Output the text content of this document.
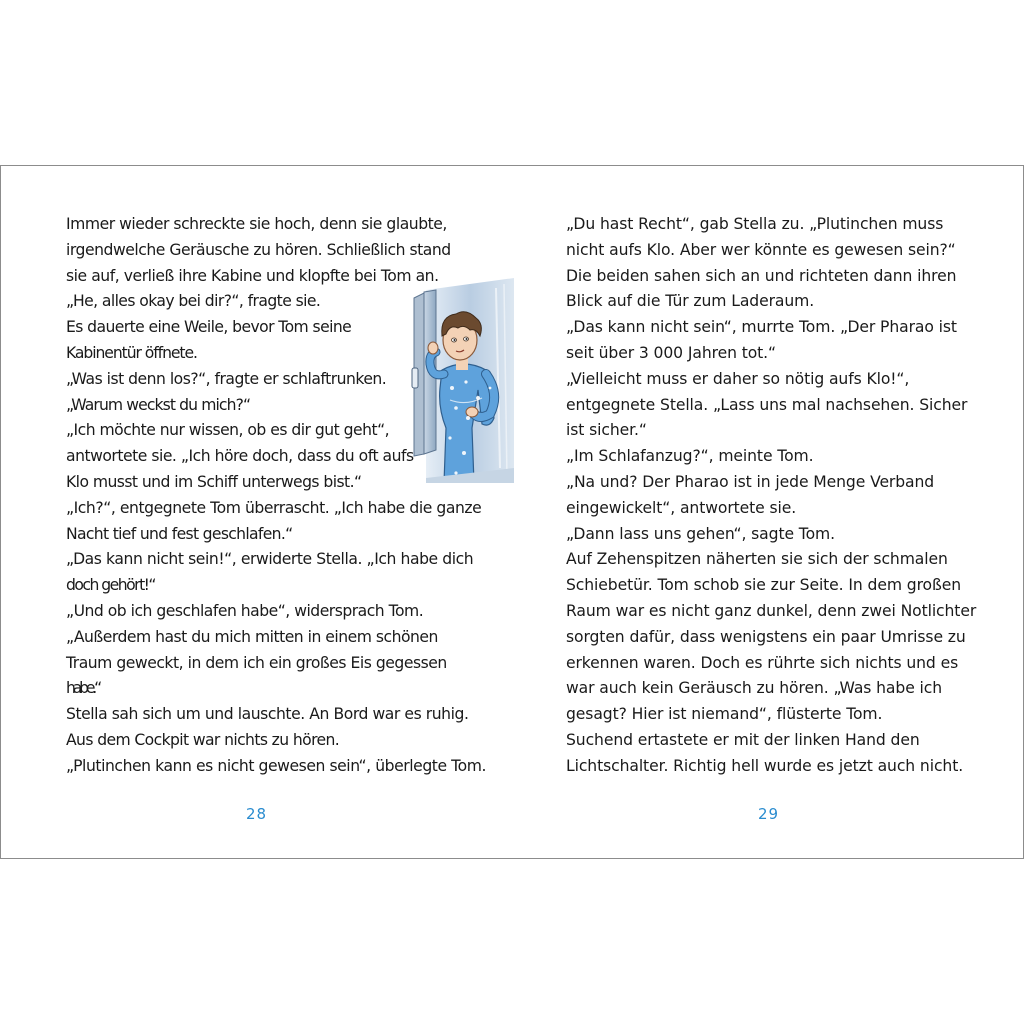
Immer wieder schreckte sie hoch, denn sie glaubte,
irgendwelche Geräusche zu hören. Schließlich stand
sie auf, verließ ihre Kabine und klopfte bei Tom an.
„He, alles okay bei dir?“, fragte sie.
Es dauerte eine Weile, bevor Tom seine
Kabinentür öffnete.
„Was ist denn los?“, fragte er schlaftrunken.
„Warum weckst du mich?“
„Ich möchte nur wissen, ob es dir gut geht“,
antwortete sie. „Ich höre doch, dass du oft aufs
Klo musst und im Schiff unterwegs bist.“
„Ich?“, entgegnete Tom überrascht. „Ich habe die ganze
Nacht tief und fest geschlafen.“
„Das kann nicht sein!“, erwiderte Stella. „Ich habe dich
doch gehört!“
„Und ob ich geschlafen habe“, widersprach Tom.
„Außerdem hast du mich mitten in einem schönen
Traum geweckt, in dem ich ein großes Eis gegessen
habe.“
Stella sah sich um und lauschte. An Bord war es ruhig.
Aus dem Cockpit war nichts zu hören.
„Plutinchen kann es nicht gewesen sein“, überlegte Tom.
28
„Du hast Recht“, gab Stella zu. „Plutinchen muss
nicht aufs Klo. Aber wer könnte es gewesen sein?“
Die beiden sahen sich an und richteten dann ihren
Blick auf die Tür zum Laderaum.
„Das kann nicht sein“, murrte Tom. „Der Pharao ist
seit über 3 000 Jahren tot.“
„Vielleicht muss er daher so nötig aufs Klo!“,
entgegnete Stella. „Lass uns mal nachsehen. Sicher
ist sicher.“
„Im Schlafanzug?“, meinte Tom.
„Na und? Der Pharao ist in jede Menge Verband
eingewickelt“, antwortete sie.
„Dann lass uns gehen“, sagte Tom.
Auf Zehenspitzen näherten sie sich der schmalen
Schiebetür. Tom schob sie zur Seite. In dem großen
Raum war es nicht ganz dunkel, denn zwei Notlichter
sorgten dafür, dass wenigstens ein paar Umrisse zu
erkennen waren. Doch es rührte sich nichts und es
war auch kein Geräusch zu hören. „Was habe ich
gesagt? Hier ist niemand“, flüsterte Tom.
Suchend ertastete er mit der linken Hand den
Lichtschalter. Richtig hell wurde es jetzt auch nicht.
29
